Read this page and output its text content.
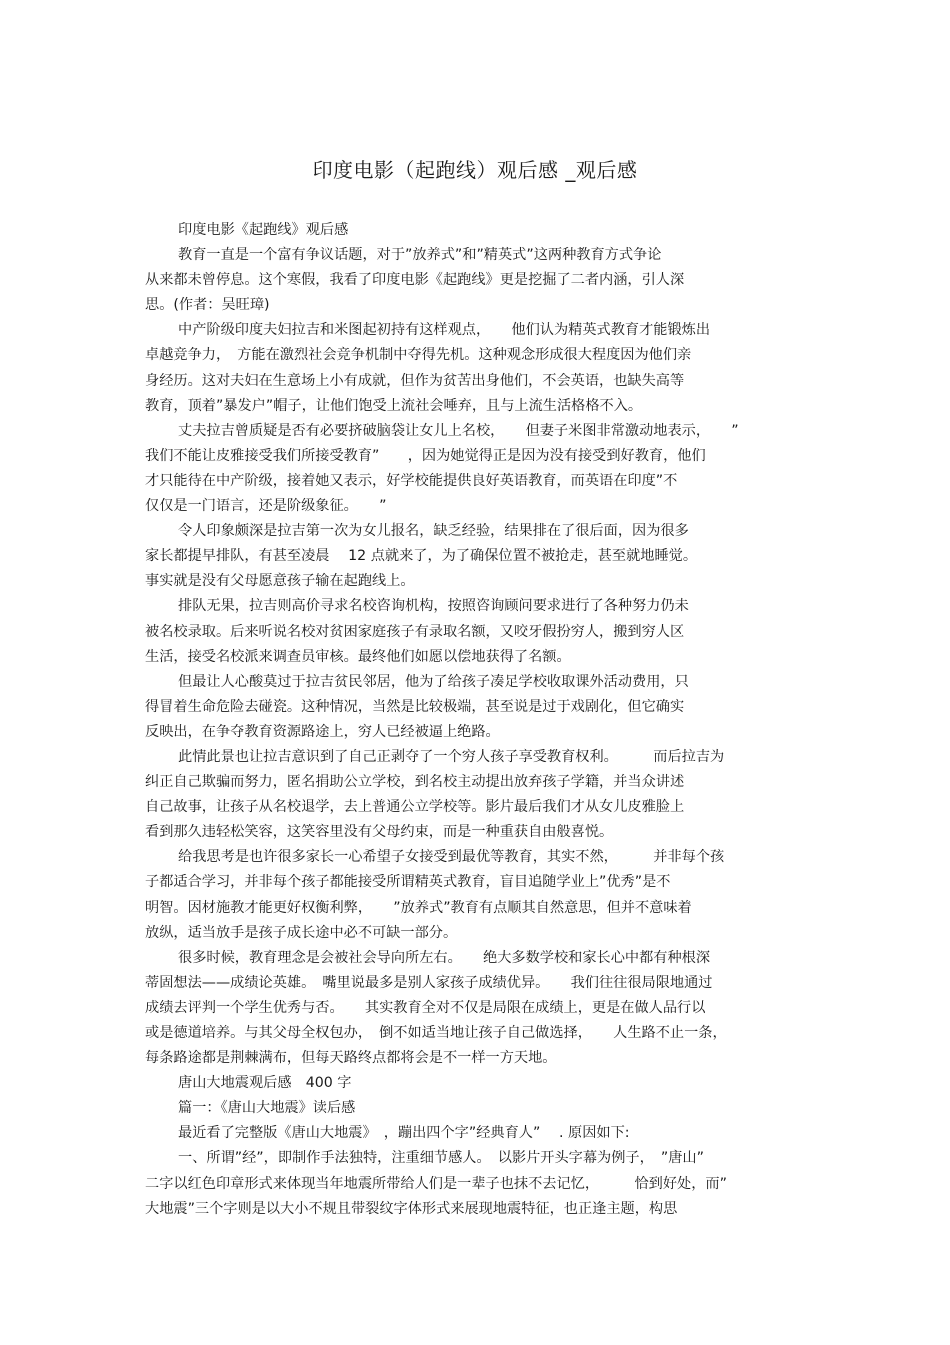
印度电影（起跑线）观后感 _观后感
印度电影《起跑线》观后感
教育一直是一个富有争议话题，对于”放养式”和”精英式”这两种教育方式争论
从来都未曾停息。这个寒假，我看了印度电影《起跑线》更是挖掘了二者内涵，引人深
思。(作者：吴旺璋)
中产阶级印度夫妇拉吉和米图起初持有这样观点，　　他们认为精英式教育才能锻炼出
卓越竞争力，　方能在激烈社会竞争机制中夺得先机。这种观念形成很大程度因为他们亲
身经历。这对夫妇在生意场上小有成就，但作为贫苦出身他们，不会英语，也缺失高等
教育，顶着”暴发户”帽子，让他们饱受上流社会唾弃，且与上流生活格格不入。
丈夫拉吉曾质疑是否有必要挤破脑袋让女儿上名校，　　但妻子米图非常激动地表示，　　”
我们不能让皮雅接受我们所接受教育”　　，因为她觉得正是因为没有接受到好教育，他们
才只能待在中产阶级，接着她又表示，好学校能提供良好英语教育，而英语在印度”不
仅仅是一门语言，还是阶级象征。　　”
令人印象颇深是拉吉第一次为女儿报名，缺乏经验，结果排在了很后面，因为很多
家长都提早排队，有甚至凌晨　 12 点就来了，为了确保位置不被抢走，甚至就地睡觉。
事实就是没有父母愿意孩子输在起跑线上。
排队无果，拉吉则高价寻求名校咨询机构，按照咨询顾问要求进行了各种努力仍未
被名校录取。后来听说名校对贫困家庭孩子有录取名额，又咬牙假扮穷人，搬到穷人区
生活，接受名校派来调查员审核。最终他们如愿以偿地获得了名额。
但最让人心酸莫过于拉吉贫民邻居，他为了给孩子凑足学校收取课外活动费用，只
得冒着生命危险去碰瓷。这种情况，当然是比较极端，甚至说是过于戏剧化，但它确实
反映出，在争夺教育资源路途上，穷人已经被逼上绝路。
此情此景也让拉吉意识到了自己正剥夺了一个穷人孩子享受教育权利。　　　而后拉吉为
纠正自己欺骗而努力，匿名捐助公立学校，到名校主动提出放弃孩子学籍，并当众讲述
自己故事，让孩子从名校退学，去上普通公立学校等。影片最后我们才从女儿皮雅脸上
看到那久违轻松笑容，这笑容里没有父母约束，而是一种重获自由般喜悦。
给我思考是也许很多家长一心希望子女接受到最优等教育，其实不然，　　　并非每个孩
子都适合学习，并非每个孩子都能接受所谓精英式教育，盲目追随学业上”优秀”是不
明智。因材施教才能更好权衡利弊，　　”放养式”教育有点顺其自然意思，但并不意味着
放纵，适当放手是孩子成长途中必不可缺一部分。
很多时候，教育理念是会被社会导向所左右。　　绝大多数学校和家长心中都有种根深
蒂固想法——成绩论英雄。　嘴里说最多是别人家孩子成绩优异。　　我们往往很局限地通过
成绩去评判一个学生优秀与否。　　其实教育全对不仅是局限在成绩上，更是在做人品行以
或是德道培养。与其父母全权包办，　倒不如适当地让孩子自己做选择，　　人生路不止一条，
每条路途都是荆棘满布，但每天路终点都将会是不一样一方天地。
唐山大地震观后感　400 字
篇一：《唐山大地震》读后感
最近看了完整版《唐山大地震》　，蹦出四个字”经典育人”　 . 原因如下:
一、所谓”经”，即制作手法独特，注重细节感人。　以影片开头字幕为例子，　”唐山”
二字以红色印章形式来体现当年地震所带给人们是一辈子也抹不去记忆，　　　恰到好处，而”
大地震”三个字则是以大小不规且带裂纹字体形式来展现地震特征，也正逢主题，构思
